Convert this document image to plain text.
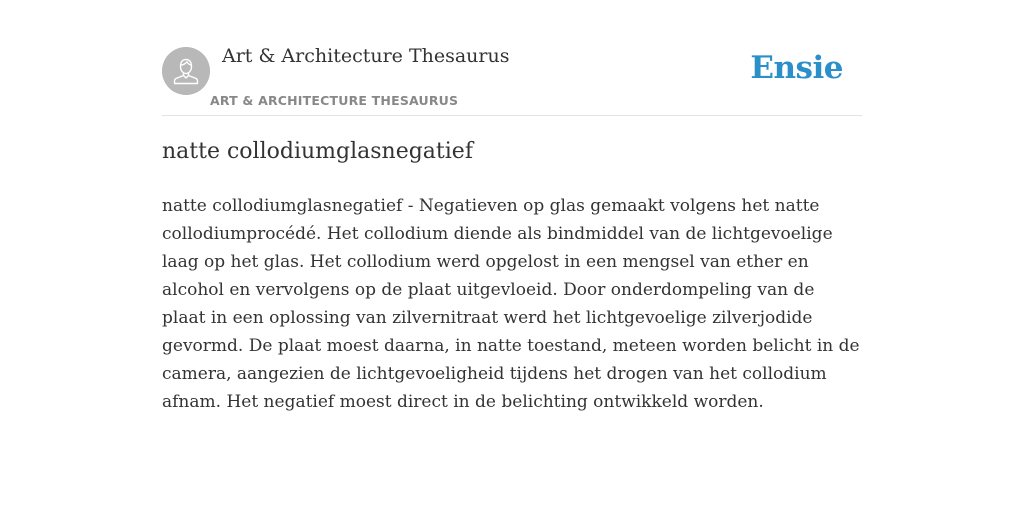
Art & Architecture Thesaurus
ART & ARCHITECTURE THESAURUS
Ensie
natte collodiumglasnegatief

natte collodiumglasnegatief - Negatieven op glas gemaakt volgens het natte collodiumprocédé. Het collodium diende als bindmiddel van de lichtgevoelige laag op het glas. Het collodium werd opgelost in een mengsel van ether en alcohol en vervolgens op de plaat uitgevloeid. Door onderdompeling van de plaat in een oplossing van zilvernitraat werd het lichtgevoelige zilverjodide gevormd. De plaat moest daarna, in natte toestand, meteen worden belicht in de camera, aangezien de lichtgevoeligheid tijdens het drogen van het collodium afnam. Het negatief moest direct in de belichting ontwikkeld worden.
